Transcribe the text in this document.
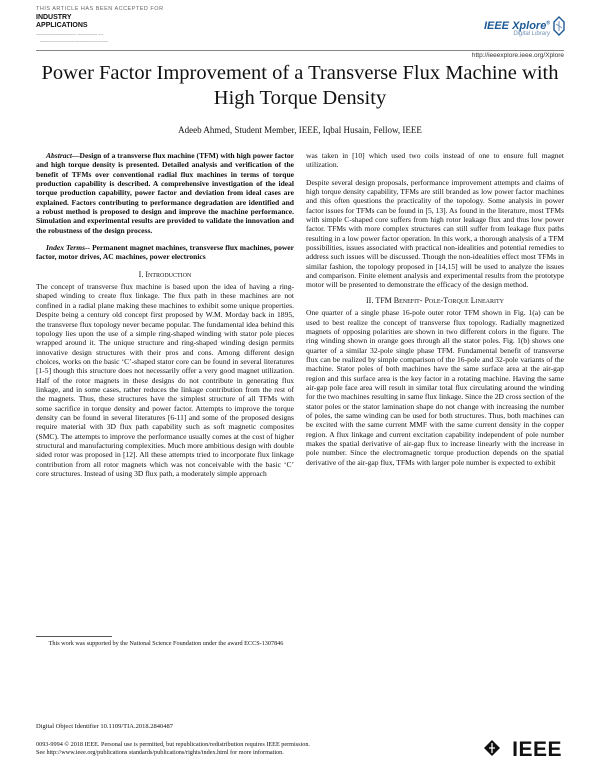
THIS ARTICLE HAS BEEN ACCEPTED FOR
INDUSTRY
APPLICATIONS
------------------------ ------------ ---
-----------------------------------------
IEEE Xplore®
Digital Library
http://ieeexplore.ieee.org/Xplore
Power Factor Improvement of a Transverse Flux Machine with High Torque Density
Adeeb Ahmed, Student Member, IEEE, Iqbal Husain, Fellow, IEEE

Abstract—Design of a transverse flux machine (TFM) with high power factor and high torque density is presented. Detailed analysis and verification of the benefit of TFMs over conventional radial flux machines in terms of torque production capability is described. A comprehensive investigation of the ideal torque production capability, power factor and deviation from ideal cases are explained. Factors contributing to performance degradation are identified and a robust method is proposed to design and improve the machine performance. Simulation and experimental results are provided to validate the innovation and the robustness of the design process.

Index Terms-- Permanent magnet machines, transverse flux machines, power factor, motor drives, AC machines, power electronics

I. Introduction

The concept of transverse flux machine is based upon the idea of having a ring-shaped winding to create flux linkage. The flux path in these machines are not confined in a radial plane making these machines to exhibit some unique properties. Despite being a century old concept first proposed by W.M. Morday back in 1895, the transverse flux topology never became popular. The fundamental idea behind this topology lies upon the use of a simple ring-shaped winding with stator pole pieces wrapped around it. The unique structure and ring-shaped winding design permits innovative design structures with their pros and cons. Among different design choices, works on the basic ‘C’-shaped stator core can be found in several literatures [1-5] though this structure does not necessarily offer a very good magnet utilization. Half of the rotor magnets in these designs do not contribute in generating flux linkage, and in some cases, rather reduces the linkage contribution from the rest of the magnets. Thus, these structures have the simplest structure of all TFMs with some sacrifice in torque density and power factor. Attempts to improve the torque density can be found in several literatures [6-11] and some of the proposed designs require material with 3D flux path capability such as soft magnetic composites (SMC). The attempts to improve the performance usually comes at the cost of higher structural and manufacturing complexities. Much more ambitious design with double sided rotor was proposed in [12]. All these attempts tried to incorporate flux linkage contribution from all rotor magnets which was not conceivable with the basic ‘C’ core structures. Instead of using 3D flux path, a moderately simple approach

was taken in [10] which used two coils instead of one to ensure full magnet utilization.

Despite several design proposals, performance improvement attempts and claims of high torque density capability, TFMs are still branded as low power factor machines and this often questions the practicality of the topology. Some analysis in power factor issues for TFMs can be found in [5, 13]. As found in the literature, most TFMs with simple C-shaped core suffers from high rotor leakage flux and thus low power factor. TFMs with more complex structures can still suffer from leakage flux paths resulting in a low power factor operation. In this work, a thorough analysis of a TFM possibilities, issues associated with practical non-idealities and potential remedies to address such issues will be discussed. Though the non-idealities effect most TFMs in similar fashion, the topology proposed in [14,15] will be used to analyze the issues and comparison. Finite element analysis and experimental results from the prototype motor will be presented to demonstrate the efficacy of the design method.

II. TFM Benefit- Pole-Torque Linearity

One quarter of a single phase 16-pole outer rotor TFM shown in Fig. 1(a) can be used to best realize the concept of transverse flux topology. Radially magnetized magnets of opposing polarities are shown in two different colors in the figure. The ring winding shown in orange goes through all the stator poles. Fig. 1(b) shows one quarter of a similar 32-pole single phase TFM. Fundamental benefit of transverse flux can be realized by simple comparison of the 16-pole and 32-pole variants of the machine. Stator poles of both machines have the same surface area at the air-gap region and this surface area is the key factor in a rotating machine. Having the same air-gap pole face area will result in similar total flux circulating around the winding for the two machines resulting in same flux linkage. Since the 2D cross section of the stator poles or the stator lamination shape do not change with increasing the number of poles, the same winding can be used for both structures. Thus, both machines can be excited with the same current MMF with the same current density in the copper region. A flux linkage and current excitation capability independent of pole number makes the spatial derivative of air-gap flux to increase linearly with the increase in pole number. Since the electromagnetic torque production depends on the spatial derivative of the air-gap flux, TFMs with larger pole number is expected to exhibit

This work was supported by the National Science Foundation under the award ECCS-1307846
Digital Object Identifier 10.1109/TIA.2018.2840487
0093-9994 © 2018 IEEE. Personal use is permitted, but republication/redistribution requires IEEE permission.
See http://www.ieee.org/publications standards/publications/rights/index.html for more information.	IEEE
